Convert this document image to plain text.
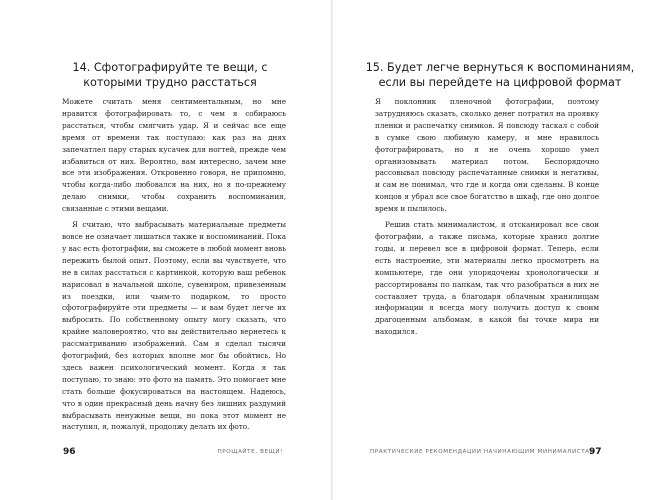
14. Сфотографируйте те вещи, с которыми трудно расстаться

Можете считать меня сентиментальным, но мне нравится фотографировать то, с чем я собираюсь расстаться, чтобы смягчить удар. Я и сейчас все еще время от времени так поступаю: как раз на днях запечатлел пару старых кусачек для ногтей, прежде чем избавиться от них. Вероятно, вам интересно, зачем мне все эти изображения. Откровенно говоря, не припомню, чтобы когда-либо любовался на них, но я по-прежнему делаю снимки, чтобы сохранить воспоминания, связанные с этими вещами.

Я считаю, что выбрасывать материальные предметы вовсе не означает лишаться также и воспоминаний. Пока у вас есть фотографии, вы сможете в любой момент вновь пережить былой опыт. Поэтому, если вы чувствуете, что не в силах расстаться с картинкой, которую ваш ребенок нарисовал в начальной школе, сувениром, привезенным из поездки, или чьим-то подарком, то просто сфотографируйте эти предметы — и вам будет легче их выбросить. По собственному опыту могу сказать, что крайне маловероятно, что вы действительно вернетесь к рассматриванию изображений. Сам я сделал тысячи фотографий, без которых вполне мог бы обойтись. Но здесь важен психологический момент. Когда я так поступаю, то знаю: это фото на память. Это помогает мне стать больше фокусироваться на настоящем. Надеюсь, что в один прекрасный день начну без лишних раздумий выбрасывать ненужные вещи, но пока этот момент не наступил, я, пожалуй, продолжу делать их фото.

96	ПРОЩАЙТЕ, ВЕЩИ!
15. Будет легче вернуться к воспоминаниям, если вы перейдете на цифровой формат

Я поклонник пленочной фотографии, поэтому затрудняюсь сказать, сколько денег потратил на проявку пленки и распечатку снимков. Я повсюду таскал с собой в сумке свою любимую камеру, и мне нравилось фотографировать, но я не очень хорошо умел организовывать материал потом. Беспорядочно рассовывал повсюду распечатанные снимки и негативы, и сам не понимал, что где и когда они сделаны. В конце концов я убрал все свое богатство в шкаф, где оно долгое время и пылилось.

Решив стать минималистом, я отсканировал все свои фотографии, а также письма, которые хранил долгие годы, и перевел все в цифровой формат. Теперь, если есть настроение, эти материалы легко просмотреть на компьютере, где они упорядочены хронологически и рассортированы по папкам, так что разобраться в них не составляет труда, а благодаря облачным хранилищам информации я всегда могу получить доступ к своим драгоценным альбомам, в какой бы точке мира ни находился.

ПРАКТИЧЕСКИЕ РЕКОМЕНДАЦИИ НАЧИНАЮЩИМ МИНИМАЛИСТАМ
97
